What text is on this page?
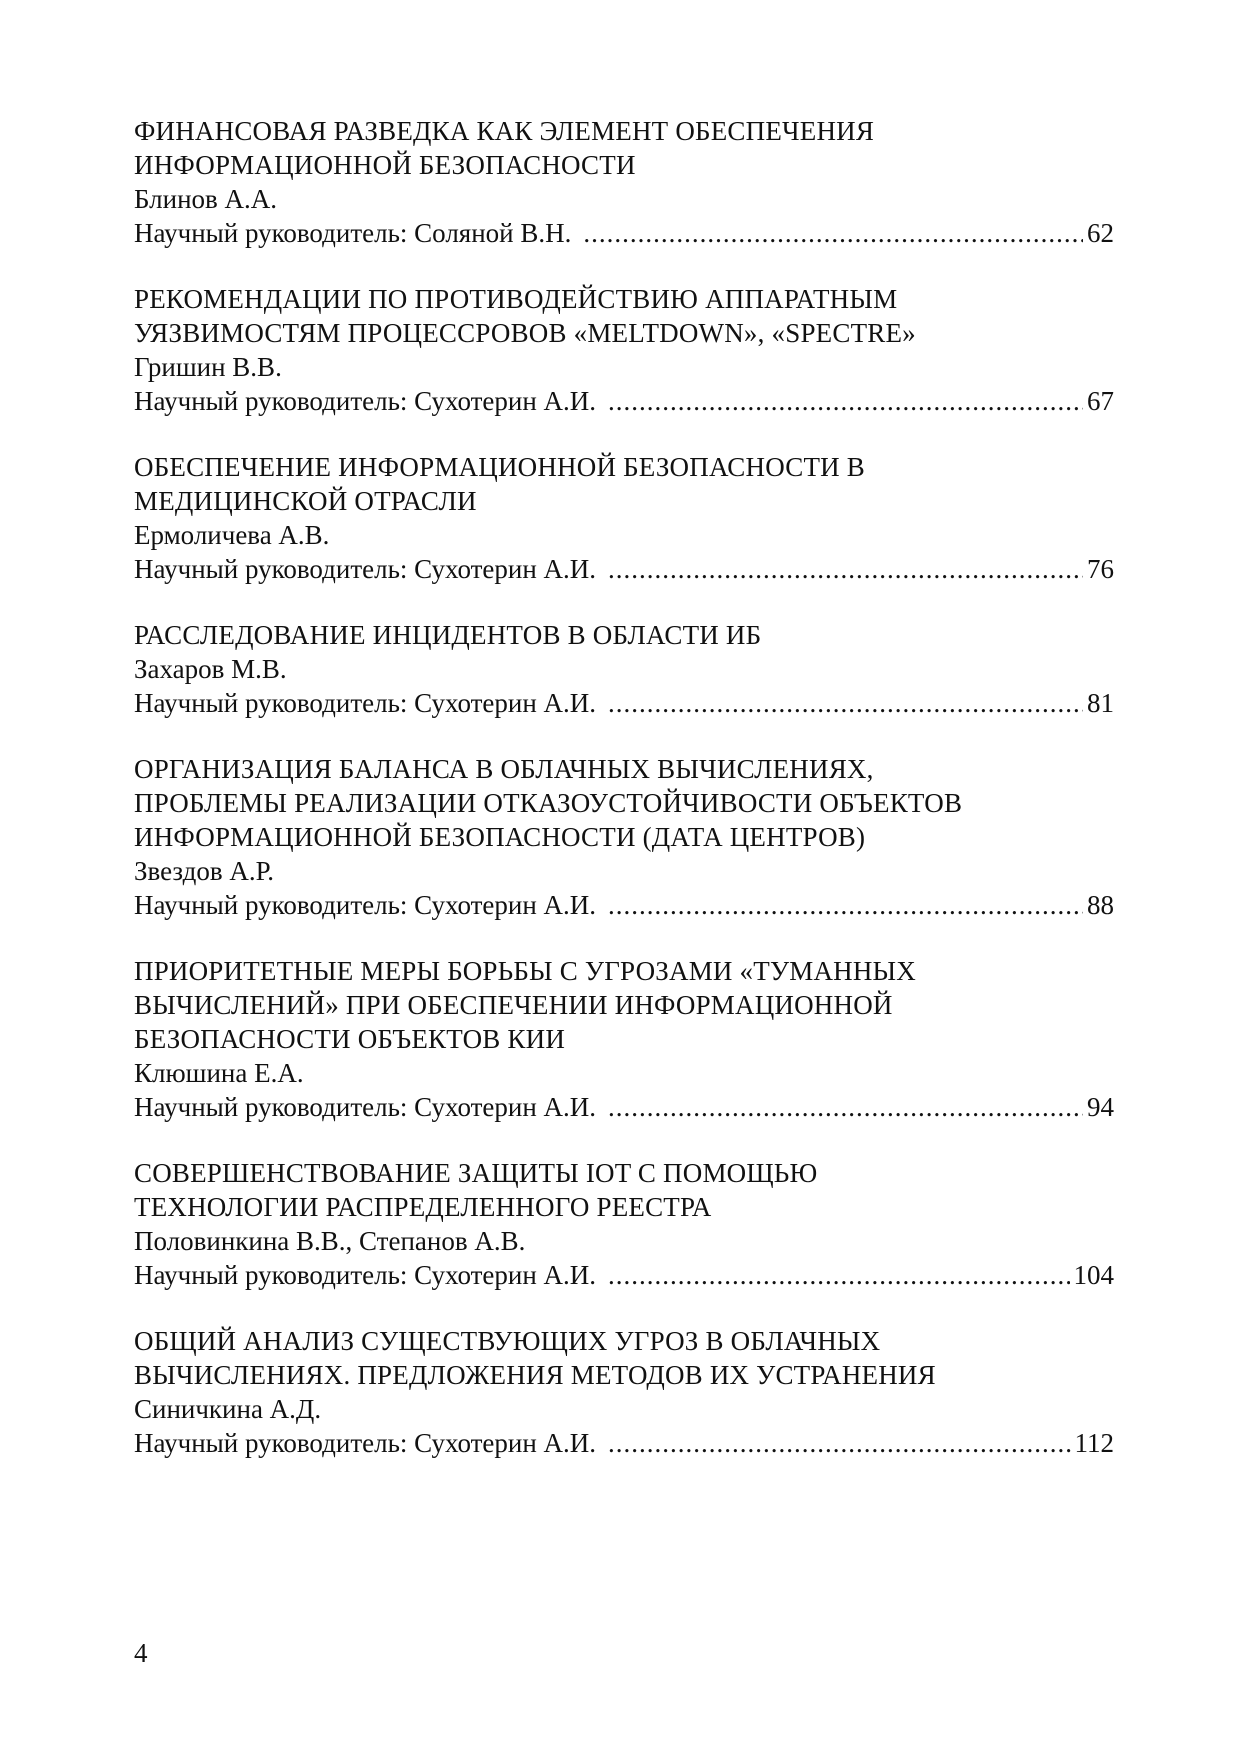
ФИНАНСОВАЯ РАЗВЕДКА КАК ЭЛЕМЕНТ ОБЕСПЕЧЕНИЯ
ИНФОРМАЦИОННОЙ БЕЗОПАСНОСТИ
Блинов А.А.
Научный руководитель: Соляной В.Н. .....	62
РЕКОМЕНДАЦИИ ПО ПРОТИВОДЕЙСТВИЮ АППАРАТНЫМ
УЯЗВИМОСТЯМ ПРОЦЕССРОВОВ «MELTDOWN», «SPECTRE»
Гришин В.В.
Научный руководитель: Сухотерин А.И. .....	67
ОБЕСПЕЧЕНИЕ ИНФОРМАЦИОННОЙ БЕЗОПАСНОСТИ В
МЕДИЦИНСКОЙ ОТРАСЛИ
Ермоличева А.В.
Научный руководитель: Сухотерин А.И. .....	76
РАССЛЕДОВАНИЕ ИНЦИДЕНТОВ В ОБЛАСТИ ИБ
Захаров М.В.
Научный руководитель: Сухотерин А.И. .....	81
ОРГАНИЗАЦИЯ БАЛАНСА В ОБЛАЧНЫХ ВЫЧИСЛЕНИЯХ,
ПРОБЛЕМЫ РЕАЛИЗАЦИИ ОТКАЗОУСТОЙЧИВОСТИ ОБЪЕКТОВ
ИНФОРМАЦИОННОЙ БЕЗОПАСНОСТИ (ДАТА ЦЕНТРОВ)
Звездов А.Р.
Научный руководитель: Сухотерин А.И. .....	88
ПРИОРИТЕТНЫЕ МЕРЫ БОРЬБЫ С УГРОЗАМИ «ТУМАННЫХ
ВЫЧИСЛЕНИЙ» ПРИ ОБЕСПЕЧЕНИИ ИНФОРМАЦИОННОЙ
БЕЗОПАСНОСТИ ОБЪЕКТОВ КИИ
Клюшина Е.А.
Научный руководитель: Сухотерин А.И. .....	94
СОВЕРШЕНСТВОВАНИЕ ЗАЩИТЫ IOT С ПОМОЩЬЮ
ТЕХНОЛОГИИ РАСПРЕДЕЛЕННОГО РЕЕСТРА
Половинкина В.В., Степанов А.В.
Научный руководитель: Сухотерин А.И. .....	104
ОБЩИЙ АНАЛИЗ СУЩЕСТВУЮЩИХ УГРОЗ В ОБЛАЧНЫХ
ВЫЧИСЛЕНИЯХ. ПРЕДЛОЖЕНИЯ МЕТОДОВ ИХ УСТРАНЕНИЯ
Синичкина А.Д.
Научный руководитель: Сухотерин А.И. .....	112
4
